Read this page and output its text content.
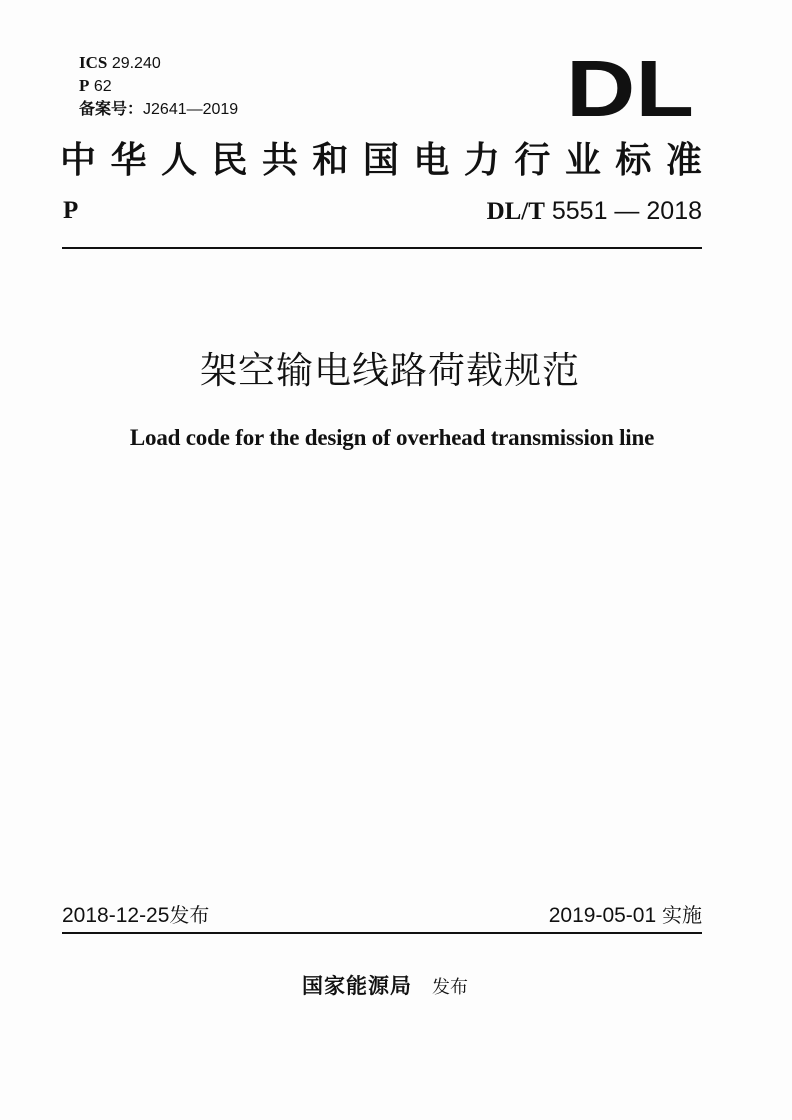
ICS 29.240
P 62
备案号：J2641—2019	DL
中 华 人 民 共 和 国 电 力 行 业 标 准
P	DL/T 5551 — 2018
架空输电线路荷载规范
Load code for the design of overhead transmission line
2018-12-25发布	2019-05-01 实施
国家能源局 发布
